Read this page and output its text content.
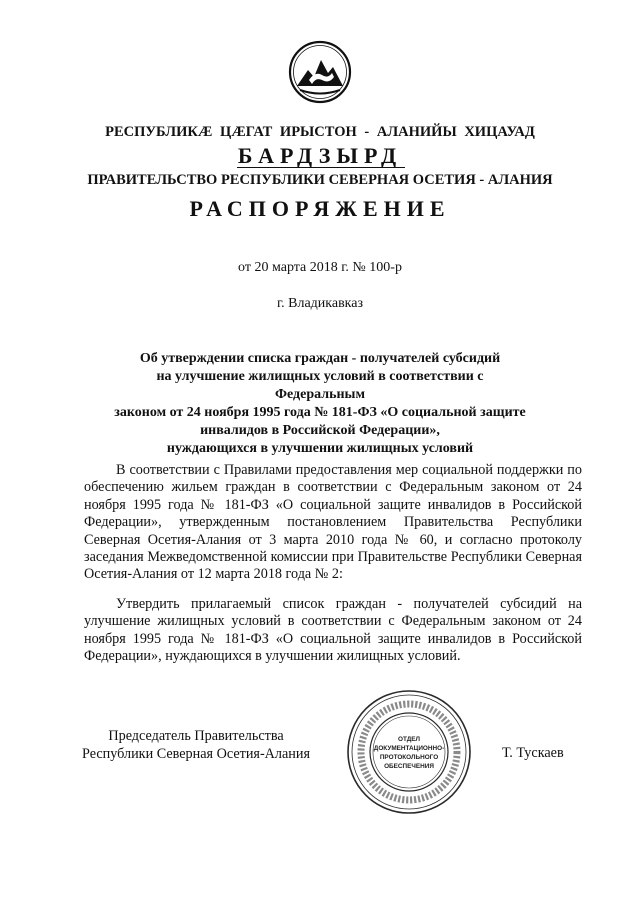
РЕСПУБЛИКӔ ЦӔГАТ ИРЫСТОН - АЛАНИЙЫ ХИЦАУАД
БАРДЗЫРД
ПРАВИТЕЛЬСТВО РЕСПУБЛИКИ СЕВЕРНАЯ ОСЕТИЯ - АЛАНИЯ
РАСПОРЯЖЕНИЕ
от 20 марта 2018 г. № 100-р
г. Владикавказ
Об утверждении списка граждан - получателей субсидий
на улучшение жилищных условий в соответствии с Федеральным
законом от 24 ноября 1995 года № 181-ФЗ «О социальной защите
инвалидов в Российской Федерации»,
нуждающихся в улучшении жилищных условий
В соответствии с Правилами предоставления мер социальной поддержки по обеспечению жильем граждан в соответствии с Федеральным законом от 24 ноября 1995 года № 181-ФЗ «О социальной защите инвалидов в Российской Федерации», утвержденным постановлением Правительства Республики Северная Осетия-Алания от 3 марта 2010 года № 60, и согласно протоколу заседания Межведомственной комиссии при Правительстве Республики Северная Осетия-Алания от 12 марта 2018 года № 2:
Утвердить прилагаемый список граждан - получателей субсидий на улучшение жилищных условий в соответствии с Федеральным законом от 24 ноября 1995 года № 181-ФЗ «О социальной защите инвалидов в Российской Федерации», нуждающихся в улучшении жилищных условий.
Председатель Правительства
Республики Северная Осетия-Алания	Т. Тускаев
ОТДЕЛ
ДОКУМЕНТАЦИОННО-
ПРОТОКОЛЬНОГО
ОБЕСПЕЧЕНИЯ
